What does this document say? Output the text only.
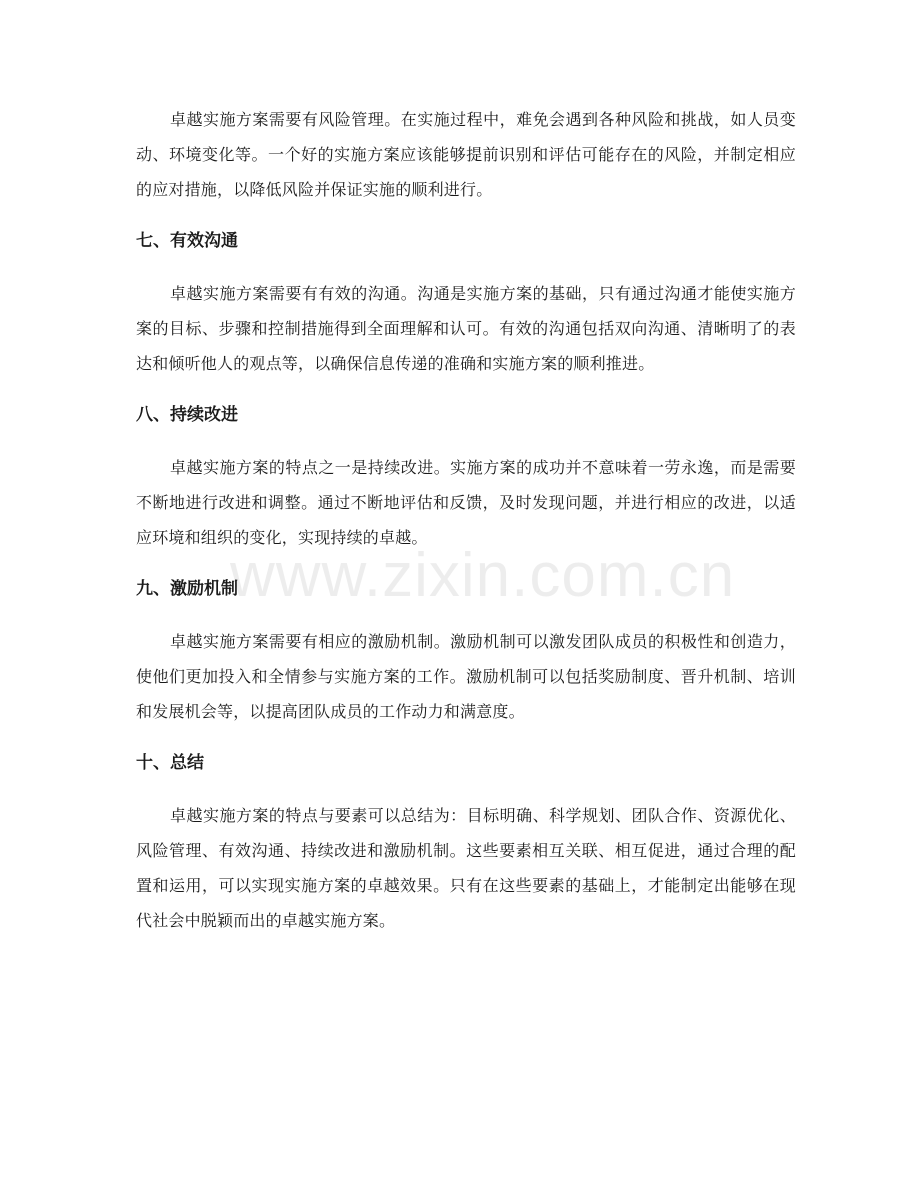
卓越实施方案需要有风险管理。在实施过程中，难免会遇到各种风险和挑战，如人员变动、环境变化等。一个好的实施方案应该能够提前识别和评估可能存在的风险，并制定相应的应对措施，以降低风险并保证实施的顺利进行。

七、有效沟通

卓越实施方案需要有有效的沟通。沟通是实施方案的基础，只有通过沟通才能使实施方案的目标、步骤和控制措施得到全面理解和认可。有效的沟通包括双向沟通、清晰明了的表达和倾听他人的观点等，以确保信息传递的准确和实施方案的顺利推进。

八、持续改进

卓越实施方案的特点之一是持续改进。实施方案的成功并不意味着一劳永逸，而是需要不断地进行改进和调整。通过不断地评估和反馈，及时发现问题，并进行相应的改进，以适应环境和组织的变化，实现持续的卓越。

九、激励机制

卓越实施方案需要有相应的激励机制。激励机制可以激发团队成员的积极性和创造力，使他们更加投入和全情参与实施方案的工作。激励机制可以包括奖励制度、晋升机制、培训和发展机会等，以提高团队成员的工作动力和满意度。

十、总结

卓越实施方案的特点与要素可以总结为：目标明确、科学规划、团队合作、资源优化、风险管理、有效沟通、持续改进和激励机制。这些要素相互关联、相互促进，通过合理的配置和运用，可以实现实施方案的卓越效果。只有在这些要素的基础上，才能制定出能够在现代社会中脱颖而出的卓越实施方案。

www.zixin.com.cn
